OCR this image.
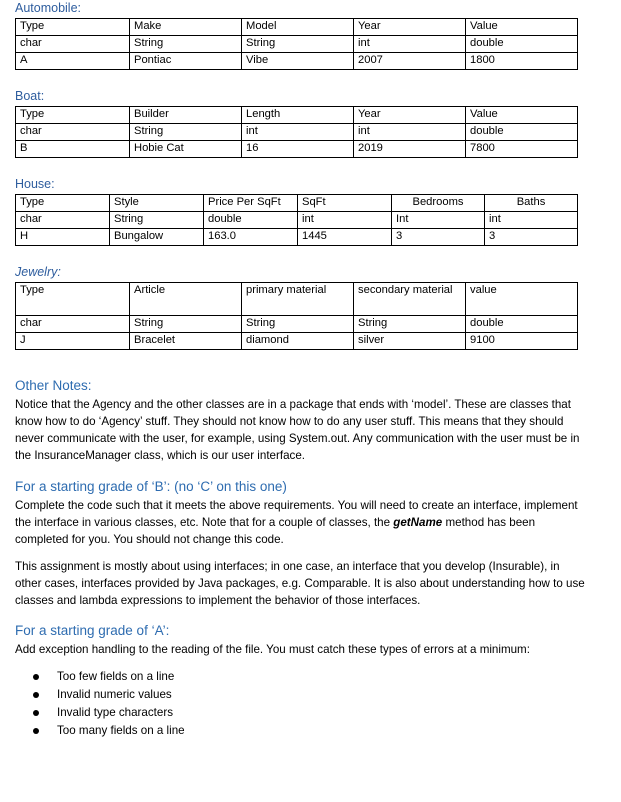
Automobile:
Type	Make	Model	Year	Value
char	String	String	int	double
A	Pontiac	Vibe	2007	1800
Boat:
Type	Builder	Length	Year	Value
char	String	int	int	double
B	Hobie Cat	16	2019	7800
House:
Type	Style	Price Per SqFt	SqFt	Bedrooms	Baths
char	String	double	int	Int	int
H	Bungalow	163.0	1445	3	3
Jewelry:
Type	Article	primary material	secondary material	value
char	String	String	String	double
J	Bracelet	diamond	silver	9100
Other Notes:
Notice that the Agency and the other classes are in a package that ends with ‘model’. These are classes that know how to do ‘Agency’ stuff. They should not know how to do any user stuff. This means that they should never communicate with the user, for example, using System.out. Any communication with the user must be in the InsuranceManager class, which is our user interface.
For a starting grade of ‘B’: (no ‘C’ on this one)
Complete the code such that it meets the above requirements. You will need to create an interface, implement the interface in various classes, etc. Note that for a couple of classes, the getName method has been completed for you. You should not change this code.
This assignment is mostly about using interfaces; in one case, an interface that you develop (Insurable), in other cases, interfaces provided by Java packages, e.g. Comparable. It is also about understanding how to use classes and lambda expressions to implement the behavior of those interfaces.
For a starting grade of ‘A’:
Add exception handling to the reading of the file. You must catch these types of errors at a minimum:
Too few fields on a line
Invalid numeric values
Invalid type characters
Too many fields on a line
